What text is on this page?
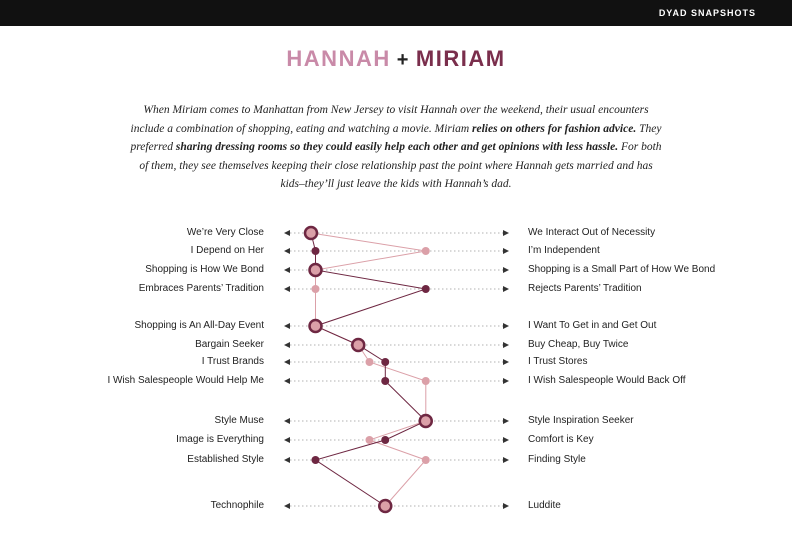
DYAD SNAPSHOTS
HANNAH + MIRIAM
When Miriam comes to Manhattan from New Jersey to visit Hannah over the weekend, their usual encounters include a combination of shopping, eating and watching a movie. Miriam relies on others for fashion advice. They preferred sharing dressing rooms so they could easily help each other and get opinions with less hassle. For both of them, they see themselves keeping their close relationship past the point where Hannah gets married and has kids–they’ll just leave the kids with Hannah’s dad.
We’re Very Close	We Interact Out of Necessity
I Depend on Her	I’m Independent
Shopping is How We Bond	Shopping is a Small Part of How We Bond
Embraces Parents’ Tradition	Rejects Parents’ Tradition
Shopping is An All-Day Event	I Want To Get in and Get Out
Bargain Seeker	Buy Cheap, Buy Twice
I Trust Brands	I Trust Stores
I Wish Salespeople Would Help Me	I Wish Salespeople Would Back Off
Style Muse	Style Inspiration Seeker
Image is Everything	Comfort is Key
Established Style	Finding Style
Technophile	Luddite
